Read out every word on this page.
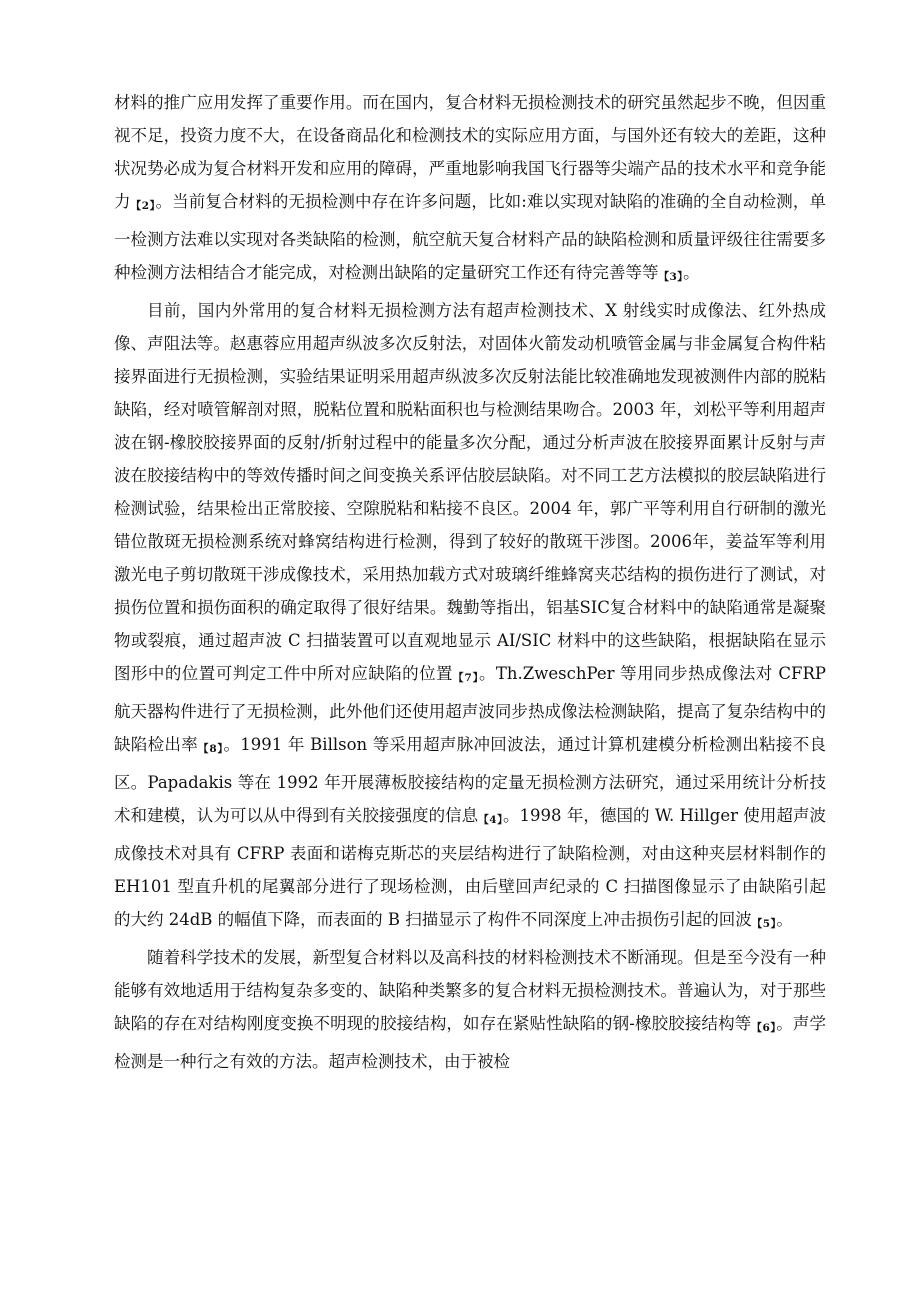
材料的推广应用发挥了重要作用。而在国内，复合材料无损检测技术的研究虽然起步不晚，但因重视不足，投资力度不大，在设备商品化和检测技术的实际应用方面，与国外还有较大的差距，这种状况势必成为复合材料开发和应用的障碍，严重地影响我国飞行器等尖端产品的技术水平和竞争能力【2】。当前复合材料的无损检测中存在许多问题，比如:难以实现对缺陷的准确的全自动检测，单一检测方法难以实现对各类缺陷的检测，航空航天复合材料产品的缺陷检测和质量评级往往需要多种检测方法相结合才能完成，对检测出缺陷的定量研究工作还有待完善等等【3】。

目前，国内外常用的复合材料无损检测方法有超声检测技术、X 射线实时成像法、红外热成像、声阻法等。赵惠蓉应用超声纵波多次反射法，对固体火箭发动机喷管金属与非金属复合构件粘接界面进行无损检测，实验结果证明采用超声纵波多次反射法能比较准确地发现被测件内部的脱粘缺陷，经对喷管解剖对照，脱粘位置和脱粘面积也与检测结果吻合。2003 年，刘松平等利用超声波在钢-橡胶胶接界面的反射/折射过程中的能量多次分配，通过分析声波在胶接界面累计反射与声波在胶接结构中的等效传播时间之间变换关系评估胶层缺陷。对不同工艺方法模拟的胶层缺陷进行检测试验，结果检出正常胶接、空隙脱粘和粘接不良区。2004 年，郭广平等利用自行研制的激光错位散斑无损检测系统对蜂窝结构进行检测，得到了较好的散斑干涉图。2006年，姜益军等利用激光电子剪切散斑干涉成像技术，采用热加载方式对玻璃纤维蜂窝夹芯结构的损伤进行了测试，对损伤位置和损伤面积的确定取得了很好结果。魏勤等指出，铝基SIC复合材料中的缺陷通常是凝聚物或裂痕，通过超声波 C 扫描装置可以直观地显示 AI/SIC 材料中的这些缺陷，根据缺陷在显示图形中的位置可判定工件中所对应缺陷的位置【7】。Th.ZweschPer 等用同步热成像法对 CFRP 航天器构件进行了无损检测，此外他们还使用超声波同步热成像法检测缺陷，提高了复杂结构中的缺陷检出率【8】。1991 年 Billson 等采用超声脉冲回波法，通过计算机建模分析检测出粘接不良区。Papadakis 等在 1992 年开展薄板胶接结构的定量无损检测方法研究，通过采用统计分析技术和建模，认为可以从中得到有关胶接强度的信息【4】。1998 年，德国的 W. Hillger 使用超声波成像技术对具有 CFRP 表面和诺梅克斯芯的夹层结构进行了缺陷检测，对由这种夹层材料制作的 EH101 型直升机的尾翼部分进行了现场检测，由后壁回声纪录的 C 扫描图像显示了由缺陷引起的大约 24dB 的幅值下降，而表面的 B 扫描显示了构件不同深度上冲击损伤引起的回波【5】。

随着科学技术的发展，新型复合材料以及高科技的材料检测技术不断涌现。但是至今没有一种能够有效地适用于结构复杂多变的、缺陷种类繁多的复合材料无损检测技术。普遍认为，对于那些缺陷的存在对结构刚度变换不明现的胶接结构，如存在紧贴性缺陷的钢-橡胶胶接结构等【6】。声学检测是一种行之有效的方法。超声检测技术，由于被检
